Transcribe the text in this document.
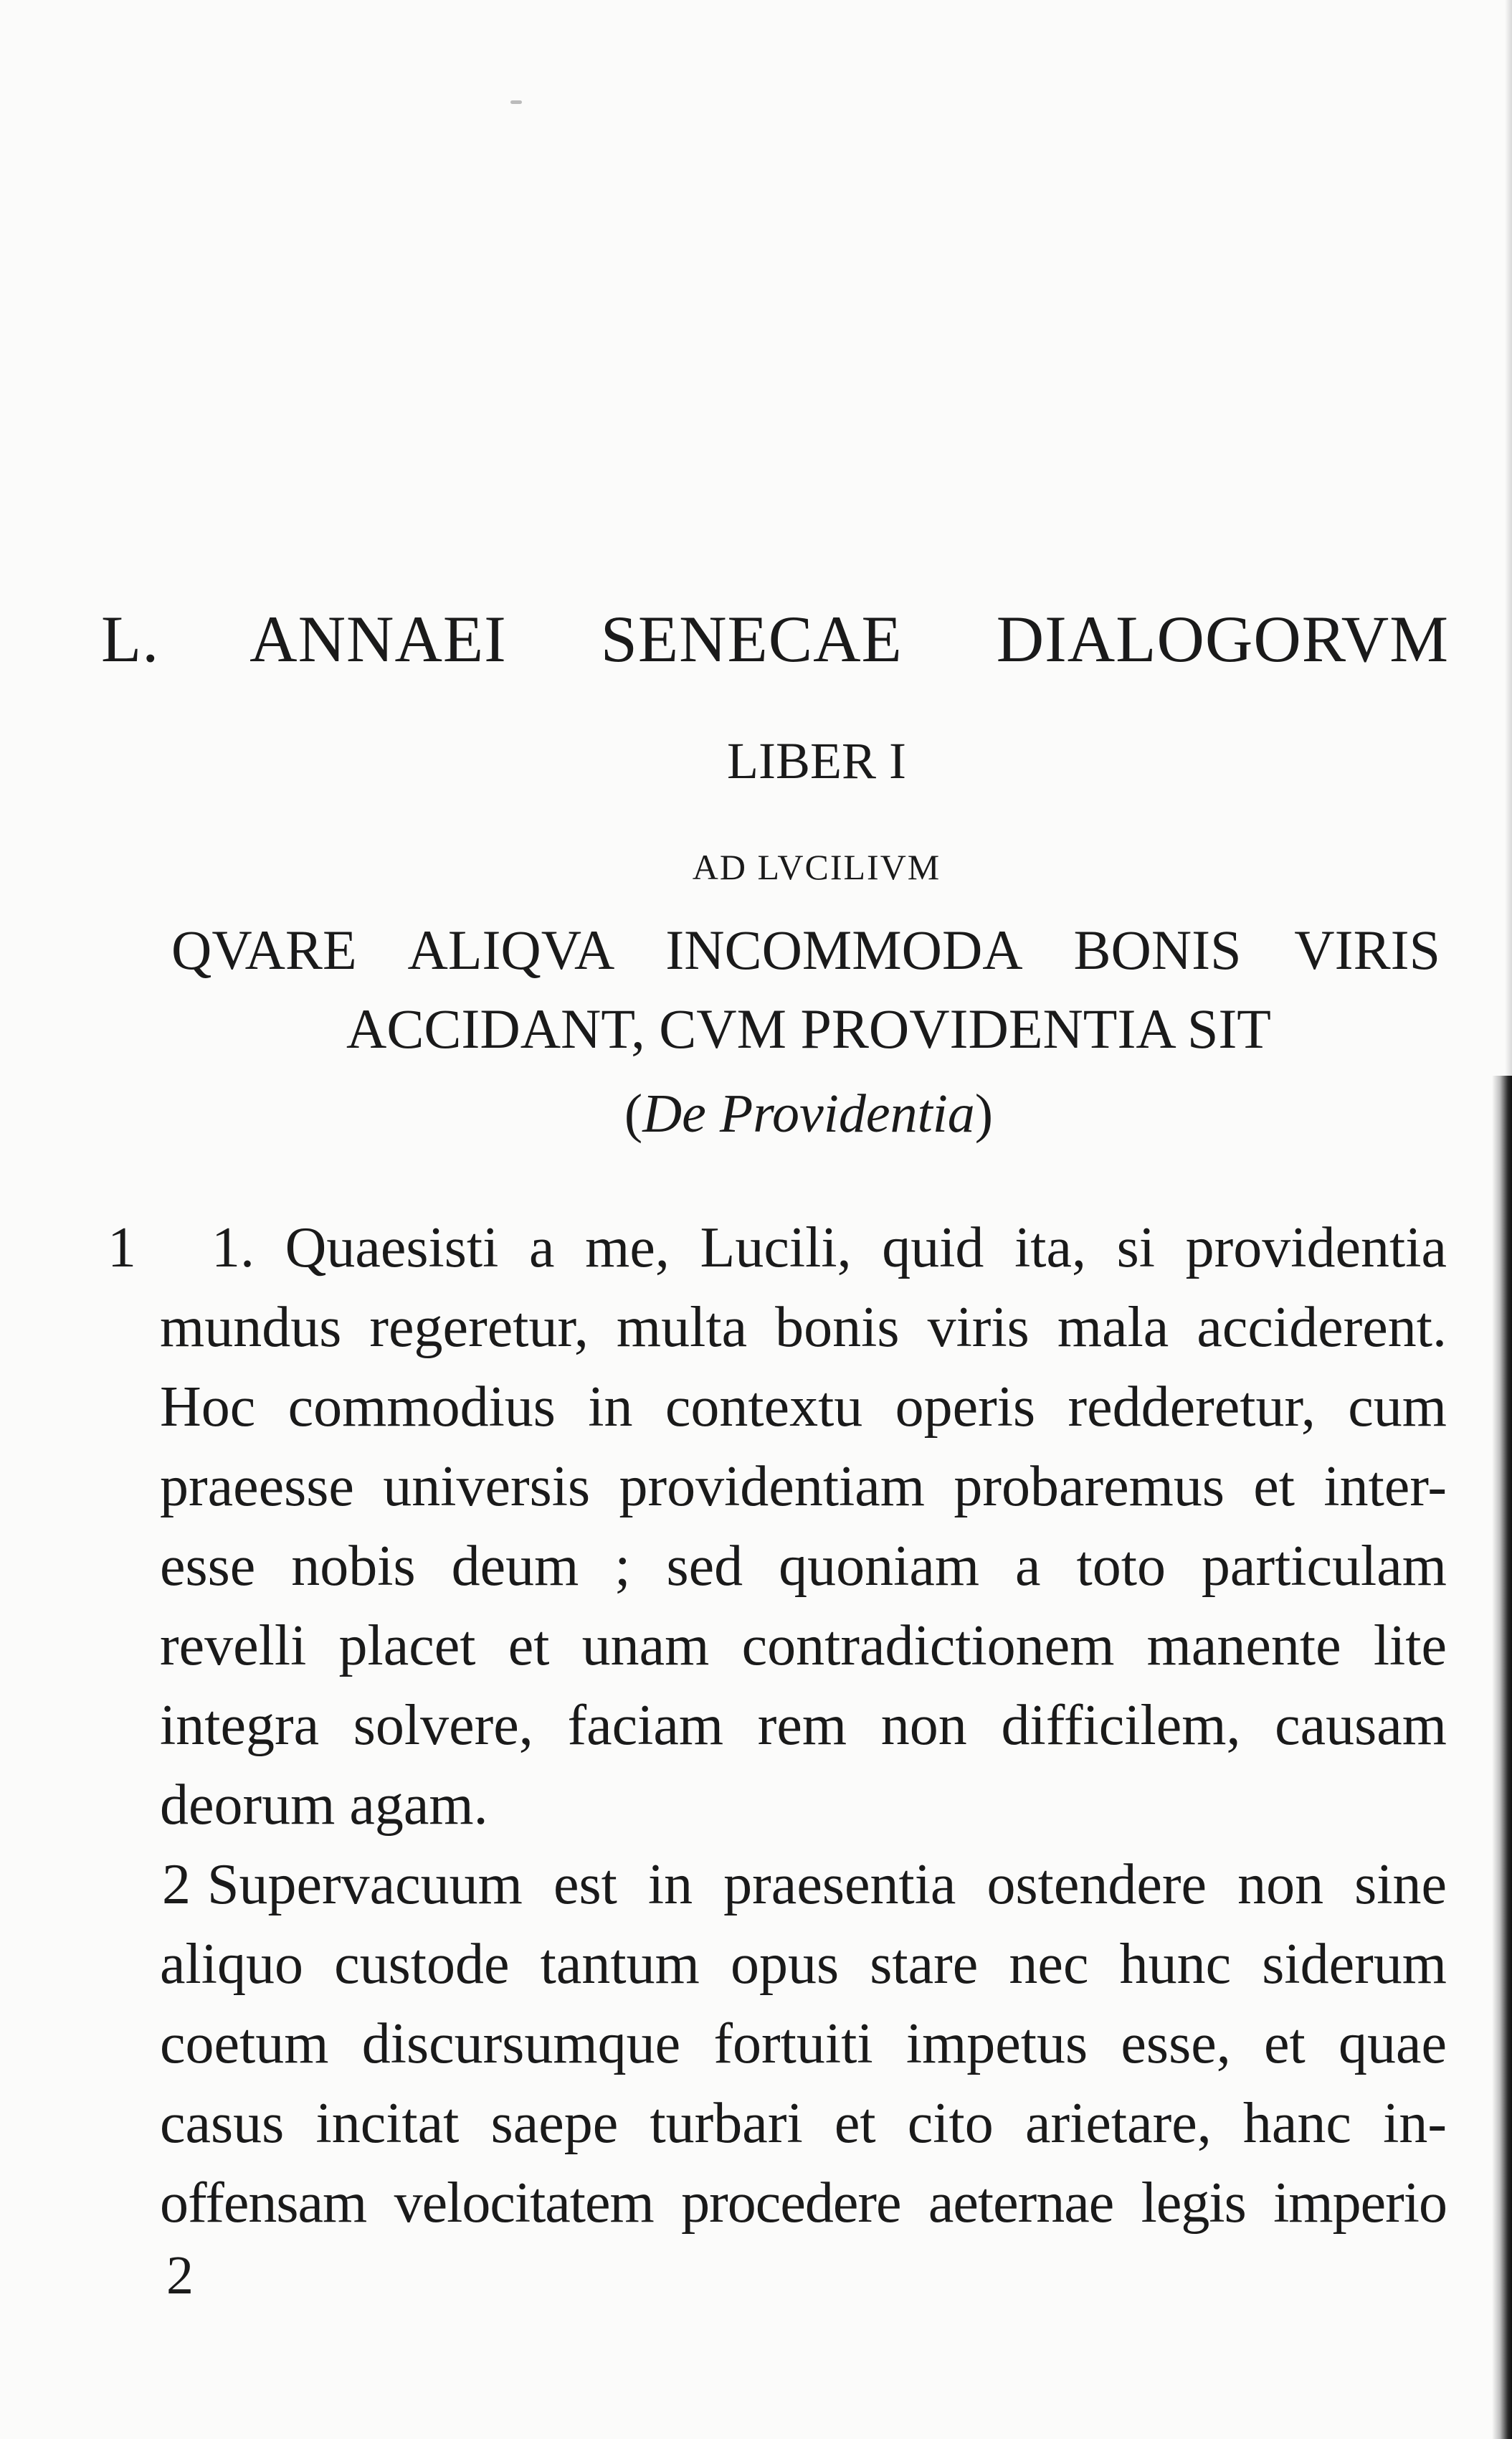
L. ANNAEI SENECAE DIALOGORVM
LIBER I
AD LVCILIVM
QVARE ALIQVA INCOMMODA BONIS VIRIS
ACCIDANT, CVM PROVIDENTIA SIT
(De Providentia)
1 1. Quaesisti a me, Lucili, quid ita, si providentia
mundus regeretur, multa bonis viris mala acciderent.
Hoc commodius in contextu operis redderetur, cum
praeesse universis providentiam probaremus et inter-
esse nobis deum ; sed quoniam a toto particulam
revelli placet et unam contradictionem manente lite
integra solvere, faciam rem non difficilem, causam
deorum agam.
2 Supervacuum est in praesentia ostendere non sine
aliquo custode tantum opus stare nec hunc siderum
coetum discursumque fortuiti impetus esse, et quae
casus incitat saepe turbari et cito arietare, hanc in-
offensam velocitatem procedere aeternae legis imperio
2
